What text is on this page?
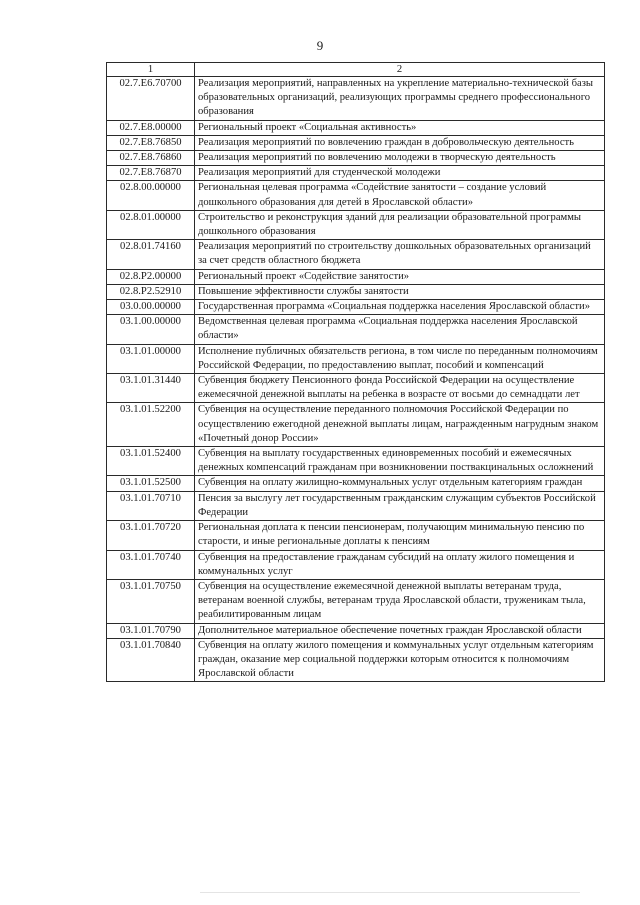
9
1	2
02.7.E6.70700	Реализация мероприятий, направленных на укрепление материально-технической базы образовательных организаций, реализующих программы среднего профессионального образования
02.7.E8.00000	Региональный проект «Социальная активность»
02.7.E8.76850	Реализация мероприятий по вовлечению граждан в добровольческую деятельность
02.7.E8.76860	Реализация мероприятий по вовлечению молодежи в творческую деятельность
02.7.E8.76870	Реализация мероприятий для студенческой молодежи
02.8.00.00000	Региональная целевая программа «Содействие занятости – создание условий дошкольного образования для детей в Ярославской области»
02.8.01.00000	Строительство и реконструкция зданий для реализации образовательной программы дошкольного образования
02.8.01.74160	Реализация мероприятий по строительству дошкольных образовательных организаций за счет средств областного бюджета
02.8.P2.00000	Региональный проект «Содействие занятости»
02.8.P2.52910	Повышение эффективности службы занятости
03.0.00.00000	Государственная программа «Социальная поддержка населения Ярославской области»
03.1.00.00000	Ведомственная целевая программа «Социальная поддержка населения Ярославской области»
03.1.01.00000	Исполнение публичных обязательств региона, в том числе по переданным полномочиям Российской Федерации, по предоставлению выплат, пособий и компенсаций
03.1.01.31440	Субвенция бюджету Пенсионного фонда Российской Федерации на осуществление ежемесячной денежной выплаты на ребенка в возрасте от восьми до семнадцати лет
03.1.01.52200	Субвенция на осуществление переданного полномочия Российской Федерации по осуществлению ежегодной денежной выплаты лицам, награжденным нагрудным знаком «Почетный донор России»
03.1.01.52400	Субвенция на выплату государственных единовременных пособий и ежемесячных денежных компенсаций гражданам при возникновении поствакцинальных осложнений
03.1.01.52500	Субвенция на оплату жилищно-коммунальных услуг отдельным категориям граждан
03.1.01.70710	Пенсия за выслугу лет государственным гражданским служащим субъектов Российской Федерации
03.1.01.70720	Региональная доплата к пенсии пенсионерам, получающим минимальную пенсию по старости, и иные региональные доплаты к пенсиям
03.1.01.70740	Субвенция на предоставление гражданам субсидий на оплату жилого помещения и коммунальных услуг
03.1.01.70750	Субвенция на осуществление ежемесячной денежной выплаты ветеранам труда, ветеранам военной службы, ветеранам труда Ярославской области, труженикам тыла, реабилитированным лицам
03.1.01.70790	Дополнительное материальное обеспечение почетных граждан Ярославской области
03.1.01.70840	Субвенция на оплату жилого помещения и коммунальных услуг отдельным категориям граждан, оказание мер социальной поддержки которым относится к полномочиям Ярославской области
